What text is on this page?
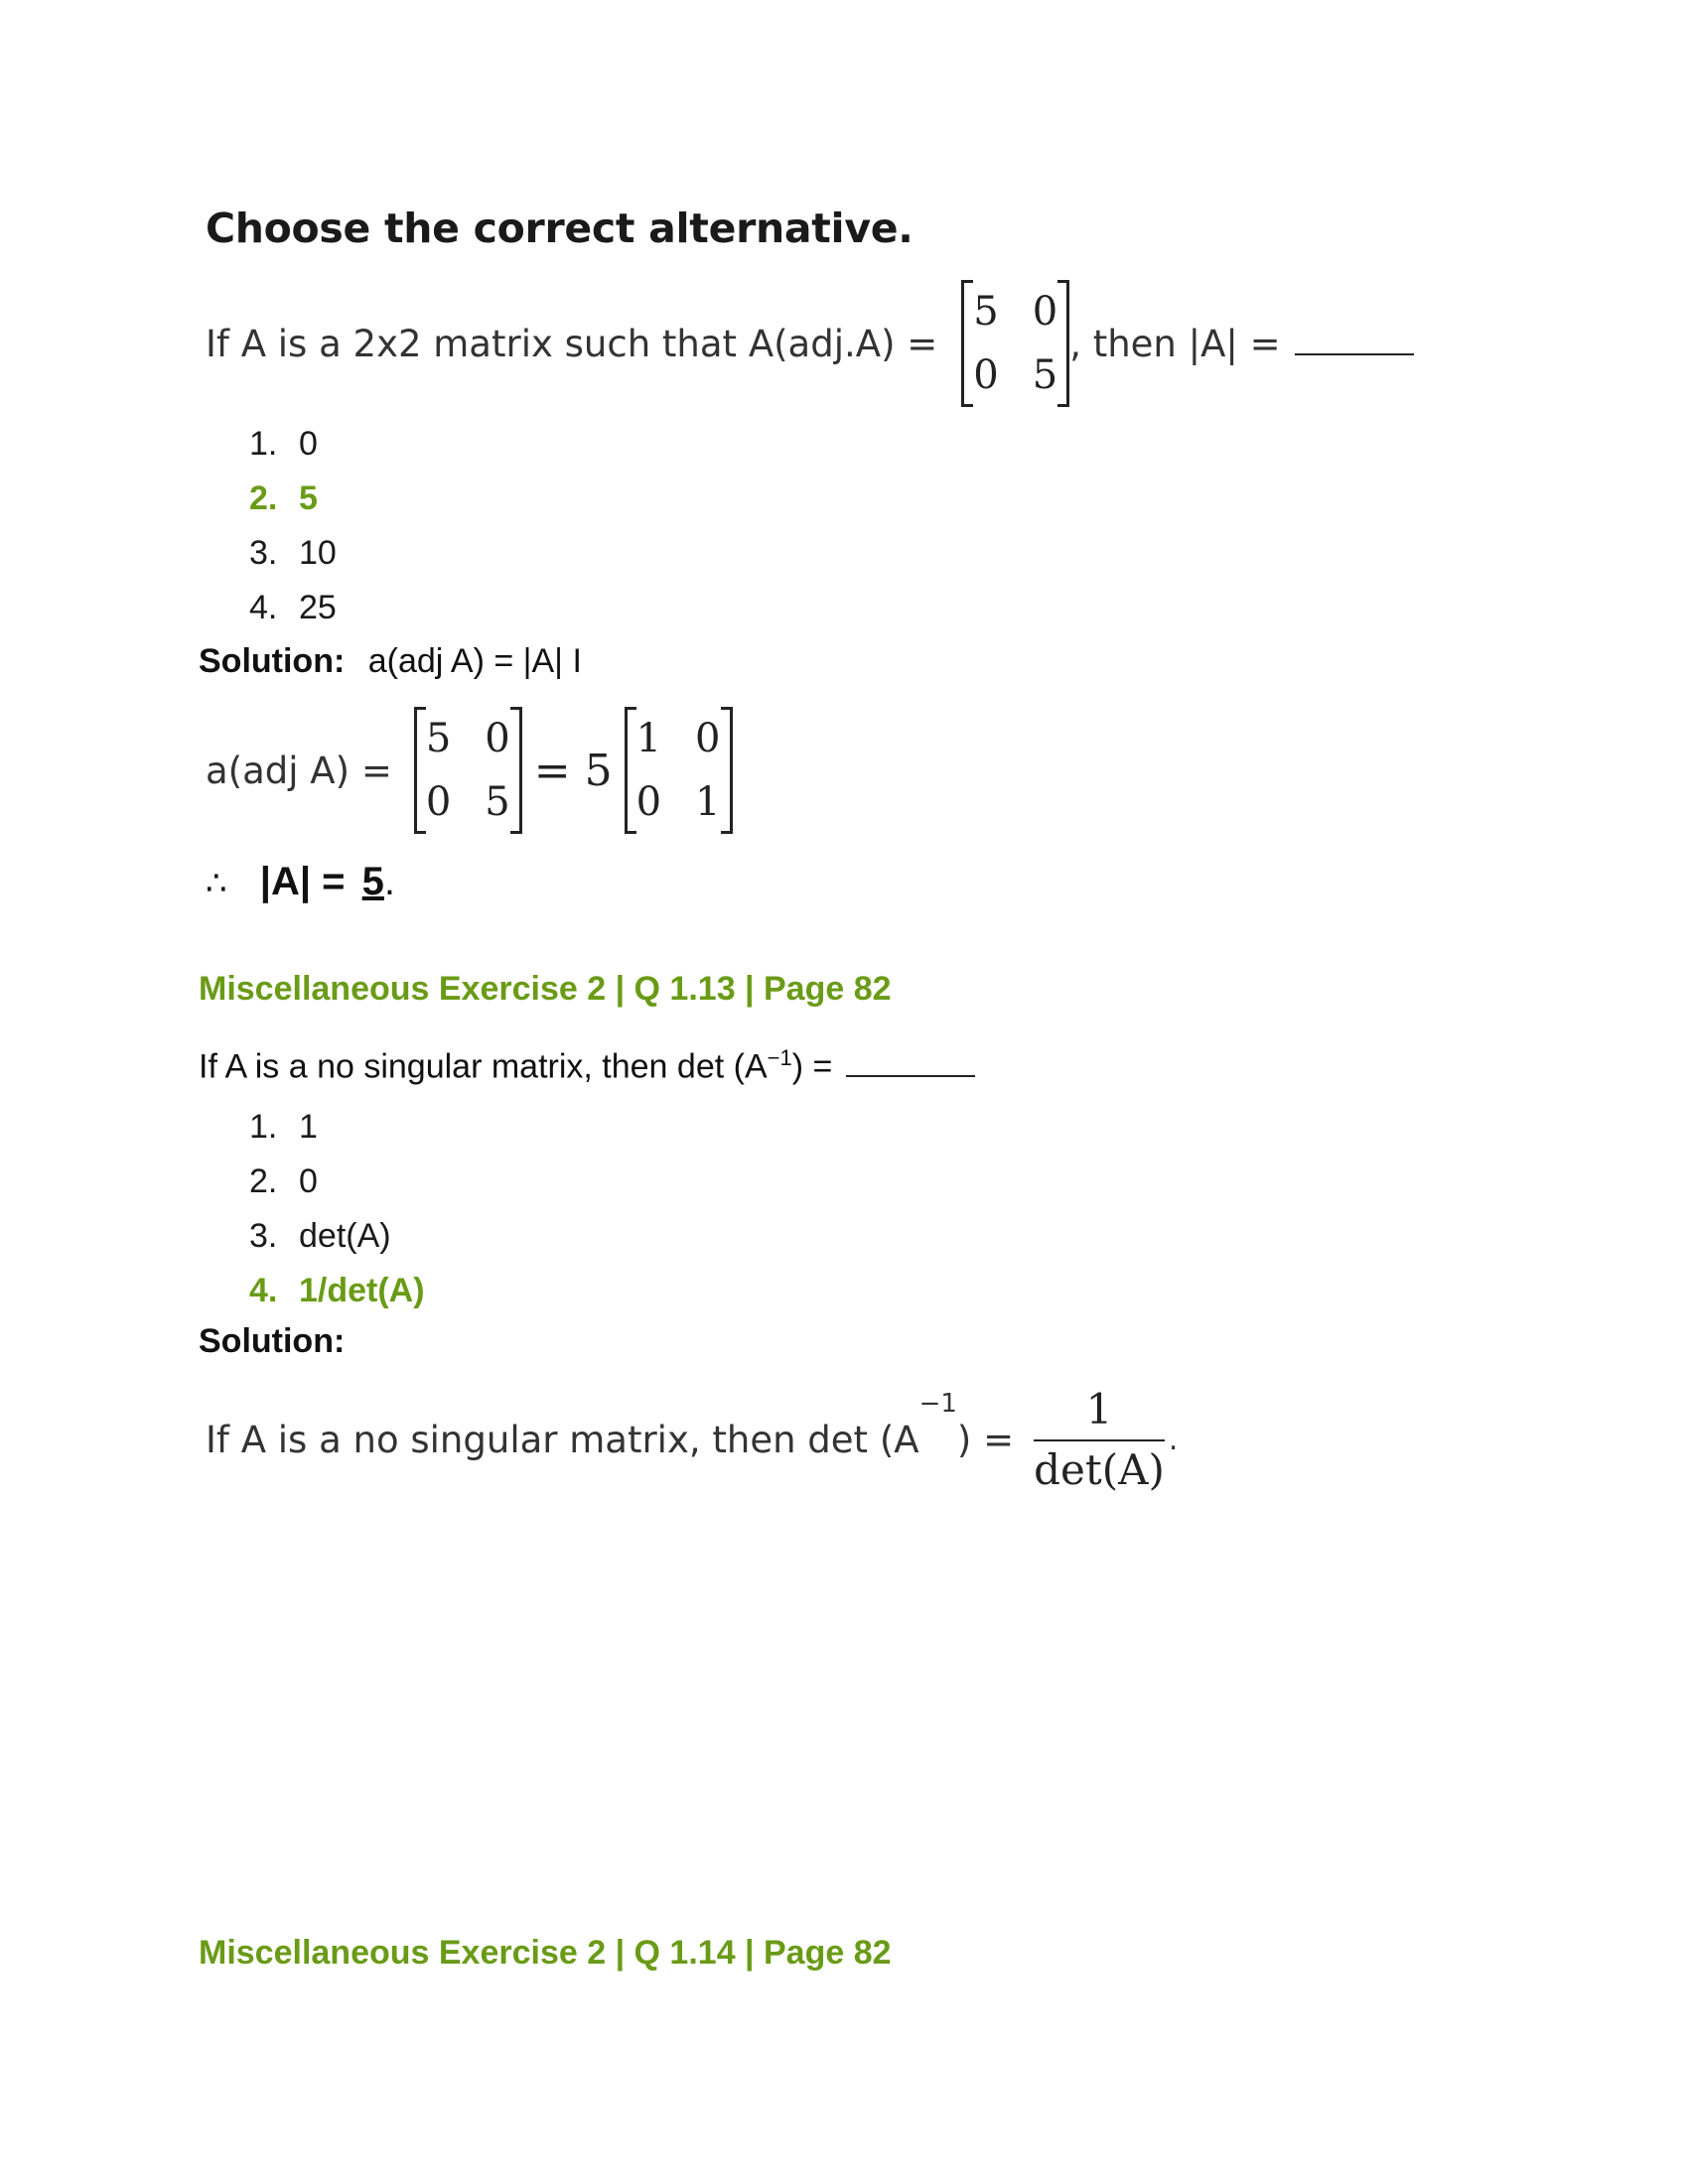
Choose the correct alternative.
If A is a 2x2 matrix such that A(adj.A) =
5 0
0 5
, then |A| =
1. 0
2. 5
3. 10
4. 25
Solution: a(adj A) = |A| I
a(adj A) =
5 0
0 5
= 5
1 0
0 1
∴ |A| = 5.
Miscellaneous Exercise 2 | Q 1.13 | Page 82
If A is a no singular matrix, then $\det (A^{-1})$ =
1. 1
2. 0
3. det(A)
4. 1/det(A)
Solution:
If A is a no singular matrix, then det (A
$^{-1}$
) = $\frac{1}{\det(A)}$ .
Miscellaneous Exercise 2 | Q 1.14 | Page 82
